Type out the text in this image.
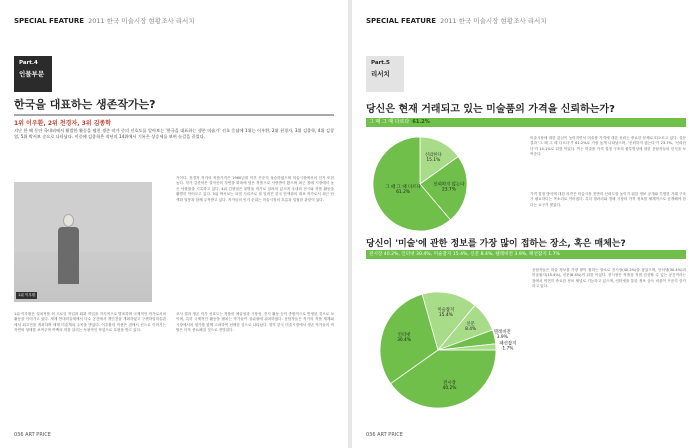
SPECIAL FEATURE 2011 한국 미술시장 현황조사 리서치
Part.4
인물부문
한국을 대표하는 생존작가는?
1위 이우환, 2위 천경자, 3위 김종학
지난 한 해 동안 국내외에서 활발한 활동을 펼친 생존 작가 중의 선호도를 알아보는 '한국을 대표하는 생존 미술가' 선호 응답에 1위는 이우환, 2위 천경자, 3위 김종학, 4위 김창열, 5위 박서보 순으로 나타났다. 이중에 김종학은 작년의 14위에서 기록은 상승세를 보여 눈길을 끌었다.
1위 이우환
1위 이우환은 설치작품 외 드로잉 작업과 회화 작업을 지속적으로 발표하며 국제적인 작가로서의 활동을 이어가고 있다. 세계 현대미술계에서 다수 공간에서 개인전을 개최하였고 구겐하임미술관에서 회고전을 개최하며 세계 미술계의 주목을 받았다. 이우환의 작품은 점에서 선으로 이어지는 자연의 형태를 보여주며 여백의 미를 살리는 독창적인 작업으로 호평을 받고 있다.
가이다. 천경자 작가의 작품가격은 1960년대 이후 꾸준히 상승하였으며 미술시장에서의 인기 또한 높다. 작가 김종학은 설악산의 자연을 화폭에 담은 작품으로 사랑받아 왔으며 최근 경매 시장에서 높은 낙찰률을 기록하고 있다. 4위 김창열은 물방울 작가로 알려져 있으며 국내외 전시와 작품 활동을 활발히 이어오고 있다. 5위 박서보는 묘법 시리즈로 잘 알려진 한국 단색화의 대표 작가로서 최근 단색화 열풍과 함께 주목받고 있다. 작가들의 인기 순위는 미술시장의 흐름과 밀접한 관련이 있다.
조사 결과 생존 작가 선호도는 작품의 예술성과 시장성, 전시 활동 등이 종합적으로 반영된 것으로 보이며, 특히 국제적인 활동을 펼치는 작가들이 상위권에 위치하였다. 응답자들은 작가의 작품 세계와 시장에서의 평가를 함께 고려하여 선택한 것으로 나타났다. 향후 한국 미술시장에서 생존 작가들의 역할은 더욱 중요해질 것으로 전망된다.
036 ART PRICE
SPECIAL FEATURE 2011 한국 미술시장 현황조사 리서치
Part.5
리서치
당신은 현재 거래되고 있는 미술품의 가격을 신뢰하는가?
그 때 그 때 다르다 61.2%
신뢰한다 15.1%
신뢰하지 않는다 23.7%
그 때 그 때 다르다 61.2%
미술시장에 대한 관심이 높아지면서 미술품 가격에 대한 신뢰는 중요한 문제로 떠오르고 있다. 설문 결과 '그 때 그 때 다르다'가 61.2%로 가장 높게 나타났으며, '신뢰하지 않는다'가 23.7%, '신뢰한다'가 15.1%로 뒤를 이었다. 이는 미술품 가격 결정 구조의 불투명성에 대한 응답자들의 인식을 보여준다.
가격 결정 방식에 대한 의견은 미술시장 전반의 신뢰도를 높이기 위한 정보 공개와 투명한 거래 구조가 필요하다는 목소리로 이어졌다. 특히 갤러리와 경매 시장의 가격 정보를 체계적으로 공개해야 한다는 요구가 많았다.
당신이 '미술'에 관한 정보를 가장 많이 접하는 장소, 혹은 매체는?
전시장 40.2%, 인터넷 30.4%, 미술잡지 15.4%, 신문 8.4%, 텔레비전 3.9%, 패션잡지 1.7%
전시장 40.2%
인터넷 30.4%
미술잡지 15.4%
신문 8.4%
텔레비전 3.9%
패션잡지 1.7%
응답자들은 미술 정보를 가장 많이 접하는 장소로 전시장(40.2%)을 꼽았으며, 인터넷(30.4%)과 미술잡지(15.4%), 신문(8.4%)이 뒤를 이었다. 전시장은 작품을 직접 감상할 수 있는 공간이라는 점에서 여전히 중요한 정보 채널로 기능하고 있으며, 인터넷을 통한 정보 습득 비율이 꾸준히 증가하고 있다.
036 ART PRICE
